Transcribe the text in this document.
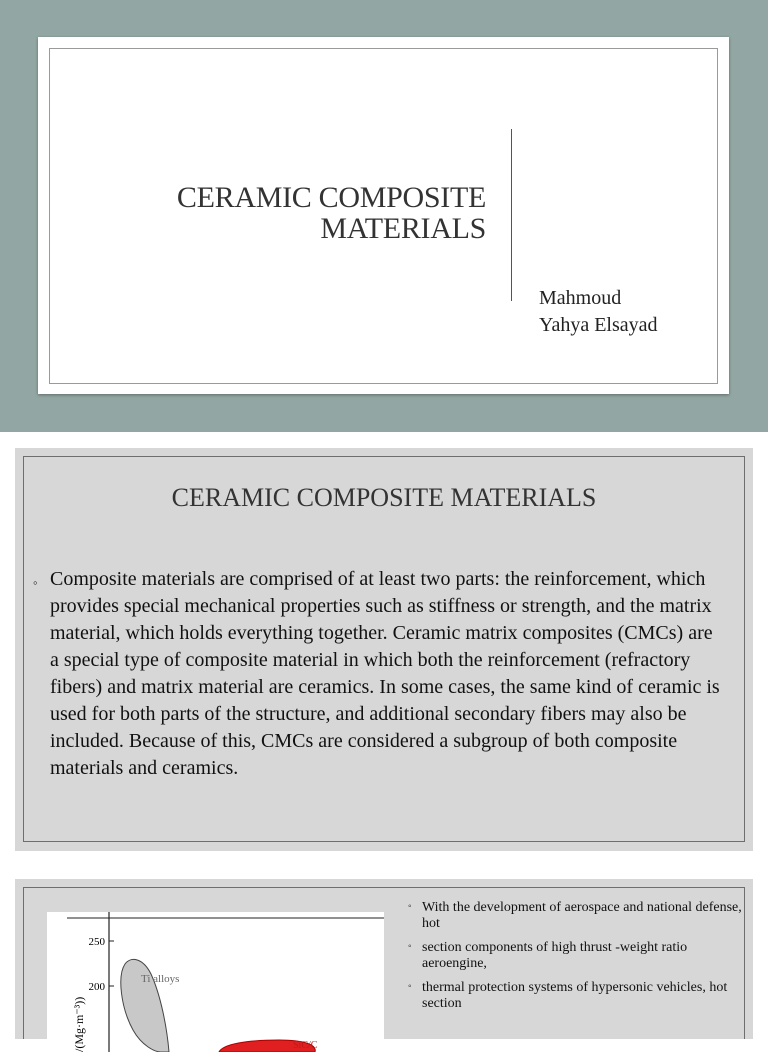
CERAMIC COMPOSITE
MATERIALS
Mahmoud
Yahya Elsayad
CERAMIC COMPOSITE MATERIALS
◦ Composite materials are comprised of at least two parts: the reinforcement, which provides special mechanical properties such as stiffness or strength, and the matrix material, which holds everything together. Ceramic matrix composites (CMCs) are a special type of composite material in which both the reinforcement (refractory fibers) and matrix material are ceramics. In some cases, the same kind of ceramic is used for both parts of the structure, and additional secondary fibers may also be included. Because of this, CMCs are considered a subgroup of both composite materials and ceramics.
250
200
/(Mg·m⁻³))
Ti alloys
SiC/C
◦ With the development of aerospace and national defense, hot
◦ section components of high thrust -weight ratio aeroengine,
◦ thermal protection systems of hypersonic vehicles, hot section
